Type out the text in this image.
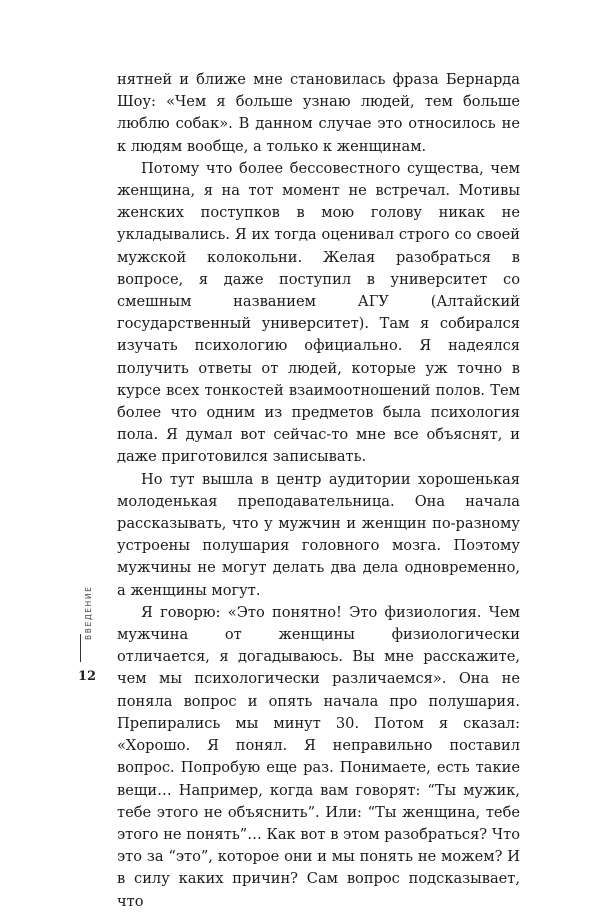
нятней и ближе мне становилась фраза Бернарда Шоу: «Чем я больше узнаю людей, тем больше люблю собак». В данном случае это относилось не к людям вообще, а только к женщинам.

Потому что более бессовестного существа, чем женщина, я на тот момент не встречал. Мотивы женских поступков в мою голову никак не укладывались. Я их тогда оценивал строго со своей мужской колокольни. Желая разобраться в вопросе, я даже поступил в университет со смешным названием АГУ (Алтайский государственный университет). Там я собирался изучать психологию официально. Я надеялся получить ответы от людей, которые уж точно в курсе всех тонкостей взаимоотношений полов. Тем более что одним из предметов была психология пола. Я думал вот сейчас-то мне все объяснят, и даже приготовился записывать.

Но тут вышла в центр аудитории хорошенькая молоденькая преподавательница. Она начала рассказывать, что у мужчин и женщин по-разному устроены полушария головного мозга. Поэтому мужчины не могут делать два дела одновременно, а женщины могут.

Я говорю: «Это понятно! Это физиология. Чем мужчина от женщины физиологически отличается, я догадываюсь. Вы мне расскажите, чем мы психологически различаемся». Она не поняла вопрос и опять начала про полушария. Препирались мы минут 30. Потом я сказал: «Хорошо. Я понял. Я неправильно поставил вопрос. Попробую еще раз. Понимаете, есть такие вещи… Например, когда вам говорят: “Ты мужик, тебе этого не объяснить”. Или: “Ты женщина, тебе этого не понять”… Как вот в этом разобраться? Что это за “это”, которое они и мы понять не можем? И в силу каких причин? Сам вопрос подсказывает, что

ВВЕДЕНИЕ
12
